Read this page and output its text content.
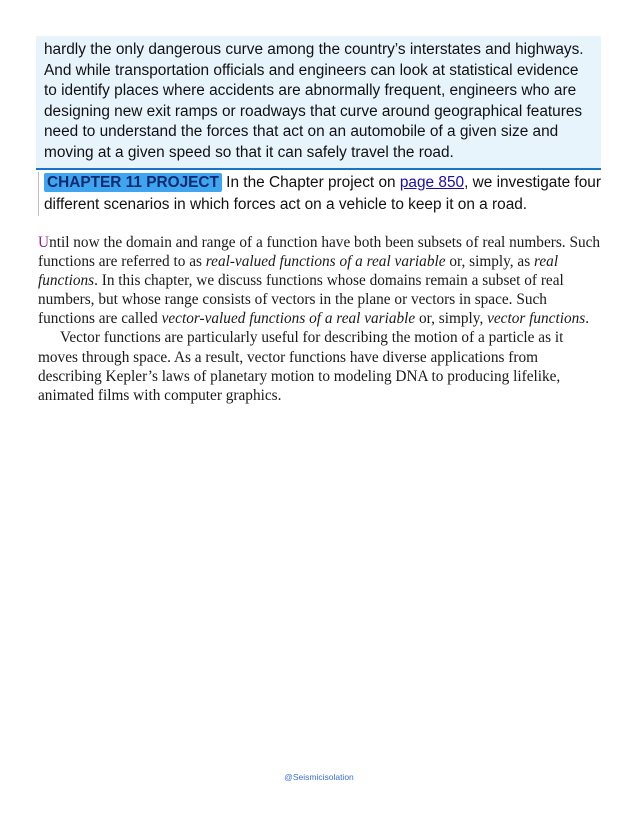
hardly the only dangerous curve among the country’s interstates and highways. And while transportation officials and engineers can look at statistical evidence to identify places where accidents are abnormally frequent, engineers who are designing new exit ramps or roadways that curve around geographical features need to understand the forces that act on an automobile of a given size and moving at a given speed so that it can safely travel the road.
CHAPTER 11 PROJECT In the Chapter project on page 850, we investigate four different scenarios in which forces act on a vehicle to keep it on a road.

Until now the domain and range of a function have both been subsets of real numbers. Such functions are referred to as real-valued functions of a real variable or, simply, as real functions. In this chapter, we discuss functions whose domains remain a subset of real numbers, but whose range consists of vectors in the plane or vectors in space. Such functions are called vector-valued functions of a real variable or, simply, vector functions.

Vector functions are particularly useful for describing the motion of a particle as it moves through space. As a result, vector functions have diverse applications from describing Kepler’s laws of planetary motion to modeling DNA to producing lifelike, animated films with computer graphics.

@Seismicisolation
